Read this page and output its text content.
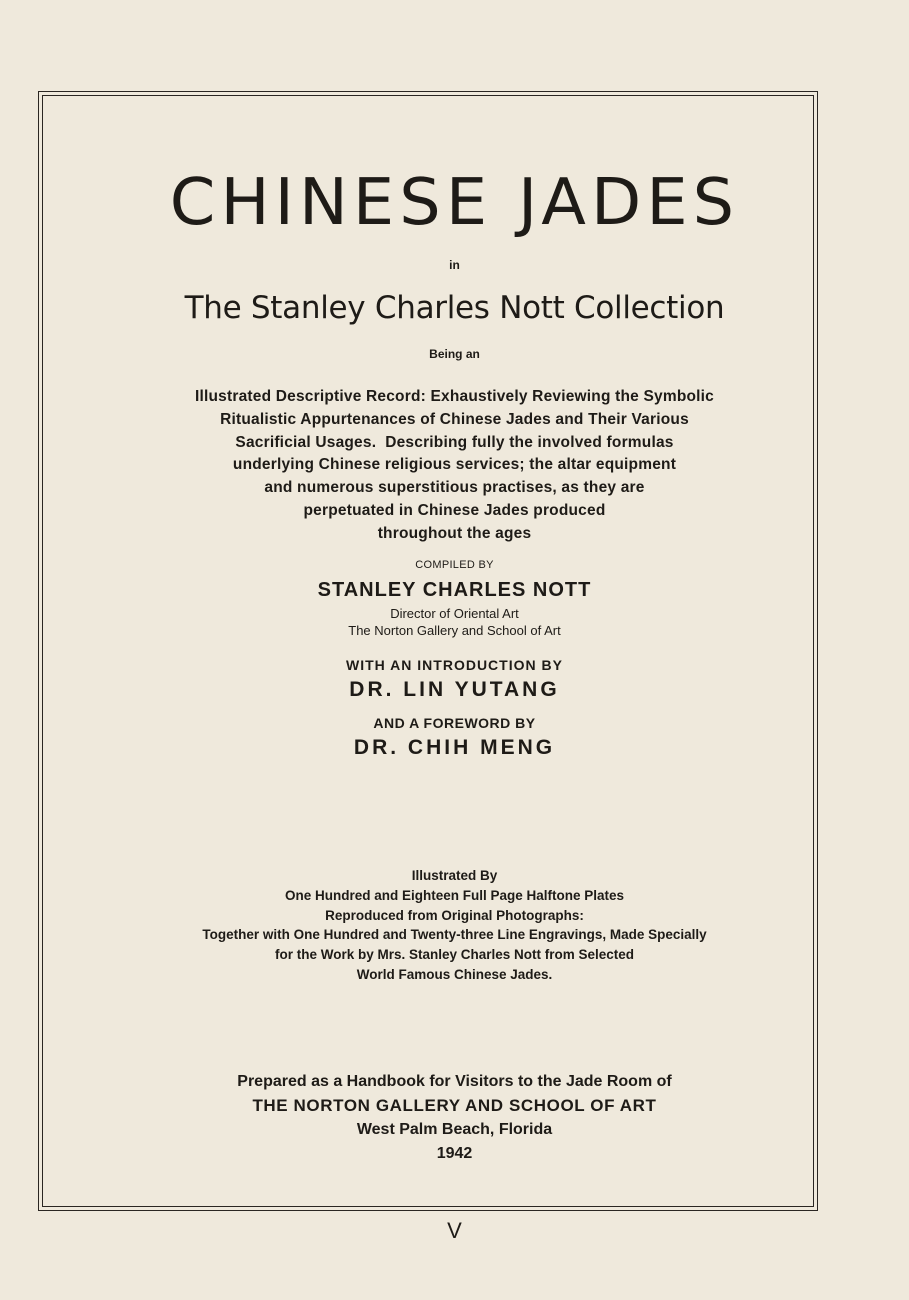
CHINESE JADES
in
The Stanley Charles Nott Collection
Being an
Illustrated Descriptive Record: Exhaustively Reviewing the Symbolic
Ritualistic Appurtenances of Chinese Jades and Their Various
Sacrificial Usages.  Describing fully the involved formulas
underlying Chinese religious services; the altar equipment
and numerous superstitious practises, as they are
perpetuated in Chinese Jades produced
throughout the ages
COMPILED BY
STANLEY CHARLES NOTT
Director of Oriental Art
The Norton Gallery and School of Art
WITH AN INTRODUCTION BY
DR. LIN YUTANG
AND A FOREWORD BY
DR. CHIH MENG
Illustrated By
One Hundred and Eighteen Full Page Halftone Plates
Reproduced from Original Photographs:
Together with One Hundred and Twenty-three Line Engravings, Made Specially
for the Work by Mrs. Stanley Charles Nott from Selected
World Famous Chinese Jades.
Prepared as a Handbook for Visitors to the Jade Room of
THE NORTON GALLERY AND SCHOOL OF ART
West Palm Beach, Florida
1942
V
